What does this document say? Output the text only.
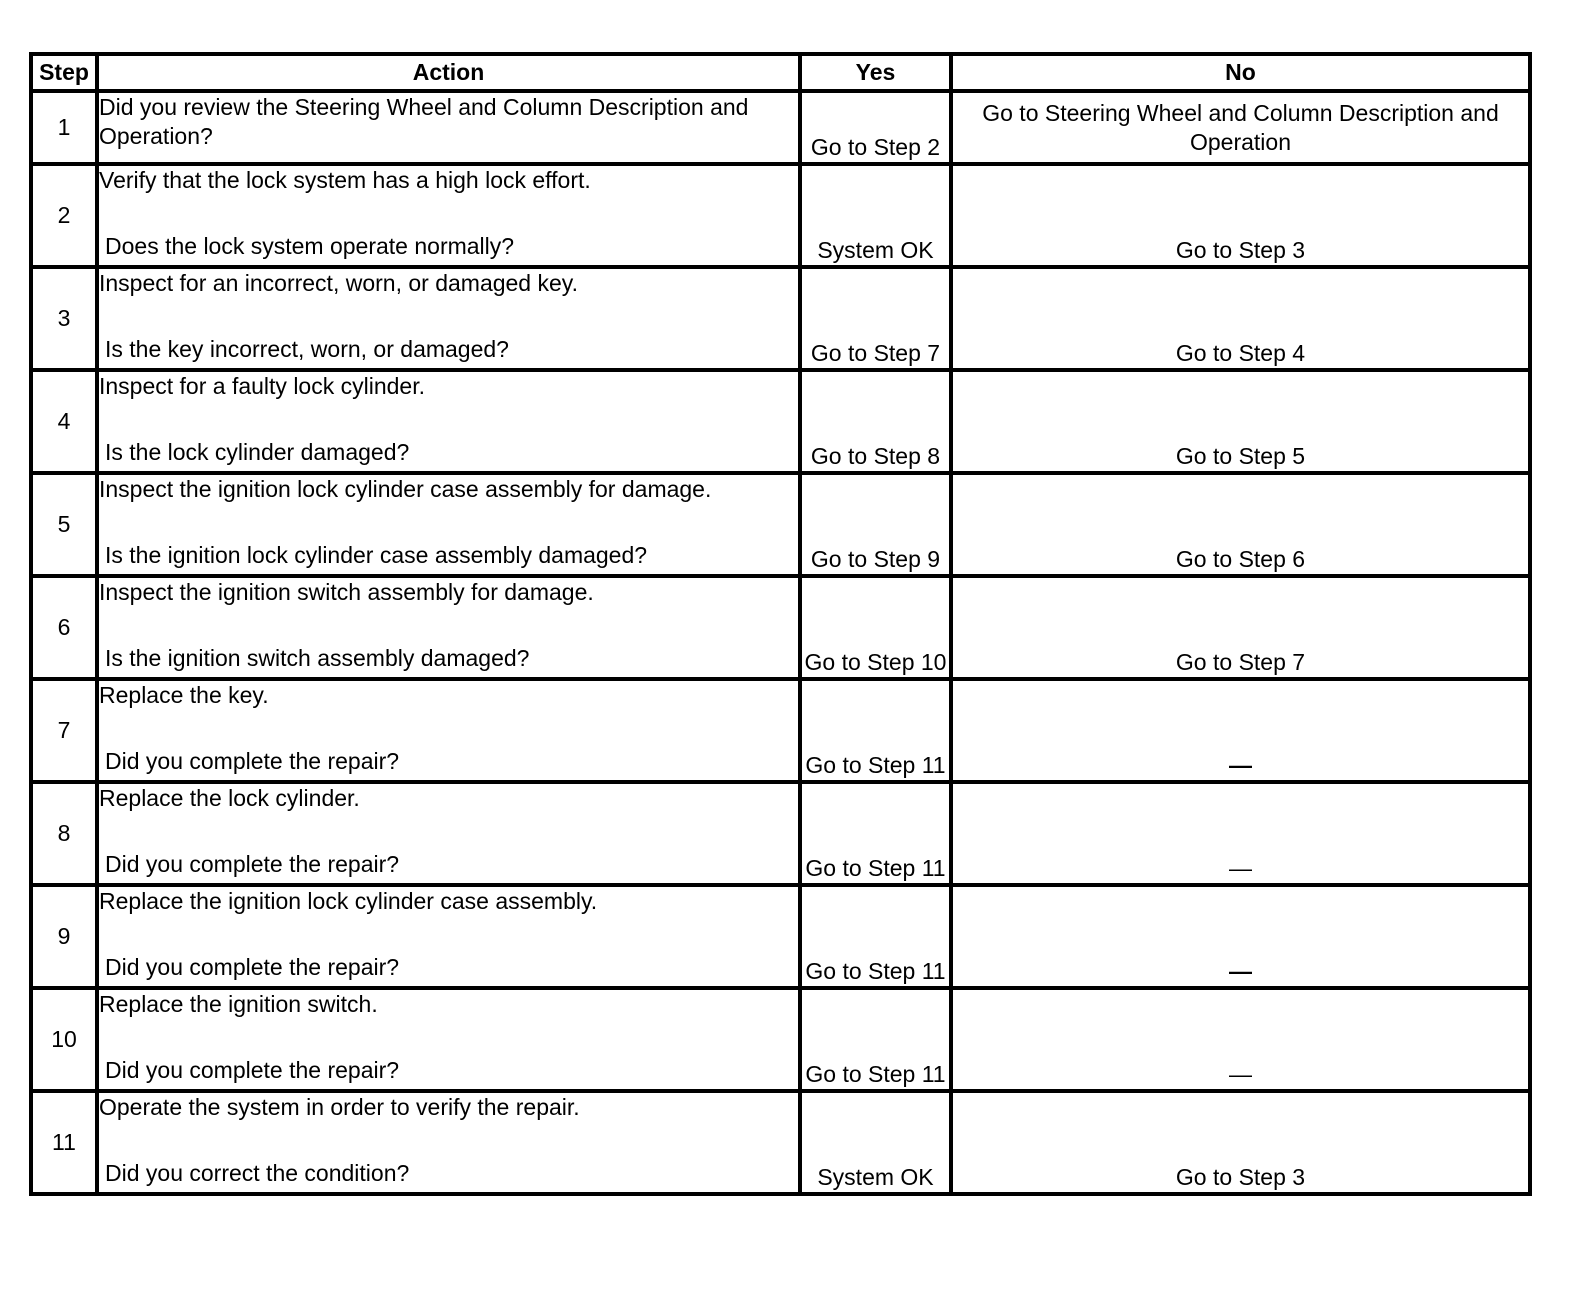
Step	Action	Yes	No
1	Did you review the Steering Wheel and Column Description and Operation?	Go to Step 2	Go to Steering Wheel and Column Description and Operation
2	Verify that the lock system has a high lock effort.
Does the lock system operate normally?	System OK	Go to Step 3
3	Inspect for an incorrect, worn, or damaged key.
Is the key incorrect, worn, or damaged?	Go to Step 7	Go to Step 4
4	Inspect for a faulty lock cylinder.
Is the lock cylinder damaged?	Go to Step 8	Go to Step 5
5	Inspect the ignition lock cylinder case assembly for damage.
Is the ignition lock cylinder case assembly damaged?	Go to Step 9	Go to Step 6
6	Inspect the ignition switch assembly for damage.
Is the ignition switch assembly damaged?	Go to Step 10	Go to Step 7
7	Replace the key.
Did you complete the repair?	Go to Step 11	—
8	Replace the lock cylinder.
Did you complete the repair?	Go to Step 11	—
9	Replace the ignition lock cylinder case assembly.
Did you complete the repair?	Go to Step 11	—
10	Replace the ignition switch.
Did you complete the repair?	Go to Step 11	—
11	Operate the system in order to verify the repair.
Did you correct the condition?	System OK	Go to Step 3
